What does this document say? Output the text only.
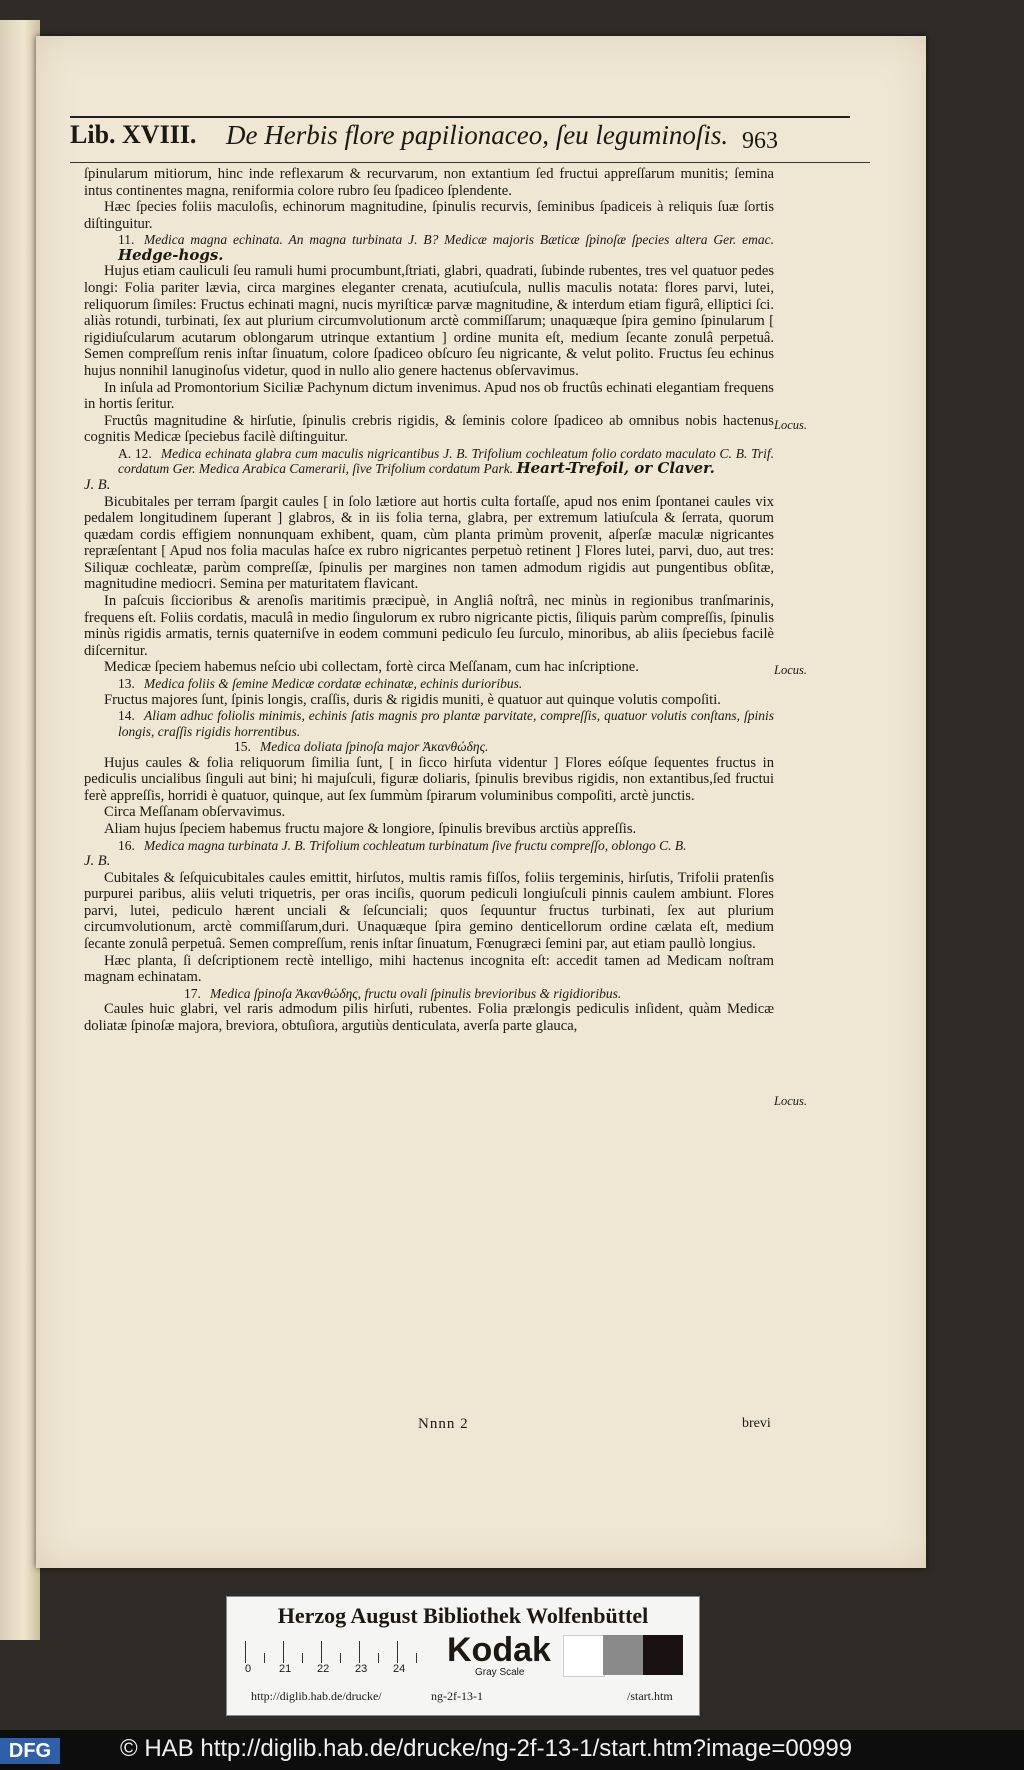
Lib. XVIII. De Herbis flore papilionaceo, ſeu leguminoſis. 963

ſpinularum mitiorum, hinc inde reflexarum & recurvarum, non extantium ſed fructui appreſſarum munitis; ſemina intus continentes magna, reniformia colore rubro ſeu ſpadiceo ſplendente.

Hæc ſpecies foliis maculoſis, echinorum magnitudine, ſpinulis recurvis, ſeminibus ſpadiceis à reliquis ſuæ ſortis diſtinguitur.

11. Medica magna echinata. An magna turbinata J. B? Medicæ majoris Bæticæ ſpinoſæ ſpecies altera Ger. emac. Hedge-hogs.

Hujus etiam cauliculi ſeu ramuli humi procumbunt,ſtriati, glabri, quadrati, ſubinde rubentes, tres vel quatuor pedes longi: Folia pariter lævia, circa margines eleganter crenata, acutiuſcula, nullis maculis notata: flores parvi, lutei, reliquorum ſimiles: Fructus echinati magni, nucis myriſticæ parvæ magnitudine, & interdum etiam figurâ, elliptici ſci. aliàs rotundi, turbinati, ſex aut plurium circumvolutionum arctè commiſſarum; unaquæque ſpira gemino ſpinularum [ rigidiuſcularum acutarum oblongarum utrinque extantium ] ordine munita eſt, medium ſecante zonulâ perpetuâ. Semen compreſſum renis inſtar ſinuatum, colore ſpadiceo obſcuro ſeu nigricante, & velut polito. Fructus ſeu echinus hujus nonnihil lanuginoſus videtur, quod in nullo alio genere hactenus obſervavimus.

In inſula ad Promontorium Siciliæ Pachynum dictum invenimus. Apud nos ob fructûs echinati elegantiam frequens in hortis ſeritur.

Fructûs magnitudine & hirſutie, ſpinulis crebris rigidis, & ſeminis colore ſpadiceo ab omnibus nobis hactenus cognitis Medicæ ſpeciebus facilè diſtinguitur.

A. 12. Medica echinata glabra cum maculis nigricantibus J. B. Trifolium cochleatum folio cordato maculato C. B. Trif. cordatum Ger. Medica Arabica Camerarii, ſive Trifolium cordatum Park. Heart-Trefoil, or Claver.

J. B.

Bicubitales per terram ſpargit caules [ in ſolo lætiore aut hortis culta fortaſſe, apud nos enim ſpontanei caules vix pedalem longitudinem ſuperant ] glabros, & in iis folia terna, glabra, per extremum latiuſcula & ſerrata, quorum quædam cordis effigiem nonnunquam exhibent, quam, cùm planta primùm provenit, aſperſæ maculæ nigricantes repræſentant [ Apud nos folia maculas haſce ex rubro nigricantes perpetuò retinent ] Flores lutei, parvi, duo, aut tres: Siliquæ cochleatæ, parùm compreſſæ, ſpinulis per margines non tamen admodum rigidis aut pungentibus obſitæ, magnitudine mediocri. Semina per maturitatem flavicant.

In paſcuis ſiccioribus & arenoſis maritimis præcipuè, in Angliâ noſtrâ, nec minùs in regionibus tranſmarinis, frequens eſt. Foliis cordatis, maculâ in medio ſingulorum ex rubro nigricante pictis, ſiliquis parùm compreſſis, ſpinulis minùs rigidis armatis, ternis quaterniſve in eodem communi pediculo ſeu ſurculo, minoribus, ab aliis ſpeciebus facilè diſcernitur.

Medicæ ſpeciem habemus neſcio ubi collectam, fortè circa Meſſanam, cum hac inſcriptione.

13. Medica foliis & ſemine Medicæ cordatæ echinatæ, echinis durioribus.

Fructus majores ſunt, ſpinis longis, craſſis, duris & rigidis muniti, è quatuor aut quinque volutis compoſiti.

14. Aliam adhuc foliolis minimis, echinis ſatis magnis pro plantæ parvitate, compreſſis, quatuor volutis conſtans, ſpinis longis, craſſis rigidis horrentibus.

15. Medica doliata ſpinoſa major Ἀκανθώδης.

Hujus caules & folia reliquorum ſimilia ſunt, [ in ſicco hirſuta videntur ] Flores eóſque ſequentes fructus in pediculis uncialibus ſinguli aut bini; hi majuſculi, figuræ doliaris, ſpinulis brevibus rigidis, non extantibus,ſed fructui ferè appreſſis, horridi è quatuor, quinque, aut ſex ſummùm ſpirarum voluminibus compoſiti, arctè junctis.

Circa Meſſanam obſervavimus.

Aliam hujus ſpeciem habemus fructu majore & longiore, ſpinulis brevibus arctiùs appreſſis.

16. Medica magna turbinata J. B. Trifolium cochleatum turbinatum ſive fructu compreſſo, oblongo C. B.

J. B.

Cubitales & ſeſquicubitales caules emittit, hirſutos, multis ramis fiſſos, foliis tergeminis, hirſutis, Trifolii pratenſis purpurei paribus, aliis veluti triquetris, per oras inciſis, quorum pediculi longiuſculi pinnis caulem ambiunt. Flores parvi, lutei, pediculo hærent unciali & ſeſcunciali; quos ſequuntur fructus turbinati, ſex aut plurium circumvolutionum, arctè commiſſarum,duri. Unaquæque ſpira gemino denticellorum ordine cælata eſt, medium ſecante zonulâ perpetuâ. Semen compreſſum, renis inſtar ſinuatum, Fœnugræci ſemini par, aut etiam paullò longius.

Hæc planta, ſi deſcriptionem rectè intelligo, mihi hactenus incognita eſt: accedit tamen ad Medicam noſtram magnam echinatam.

17. Medica ſpinoſa Ἀκανθώδης, fructu ovali ſpinulis brevioribus & rigidioribus.

Caules huic glabri, vel raris admodum pilis hirſuti, rubentes. Folia prælongis pediculis inſident, quàm Medicæ doliatæ ſpinoſæ majora, breviora, obtuſiora, argutiùs denticulata, averſa parte glauca,

Locus.
Locus.
Locus.
Nnnn 2	brevi
Herzog August Bibliothek Wolfenbüttel
0	21 22 23 24 Kodak
Gray Scale
http://diglib.hab.de/drucke/	ng-2f-13-1	/start.htm
DFG	© HAB http://diglib.hab.de/drucke/ng-2f-13-1/start.htm?image=00999
